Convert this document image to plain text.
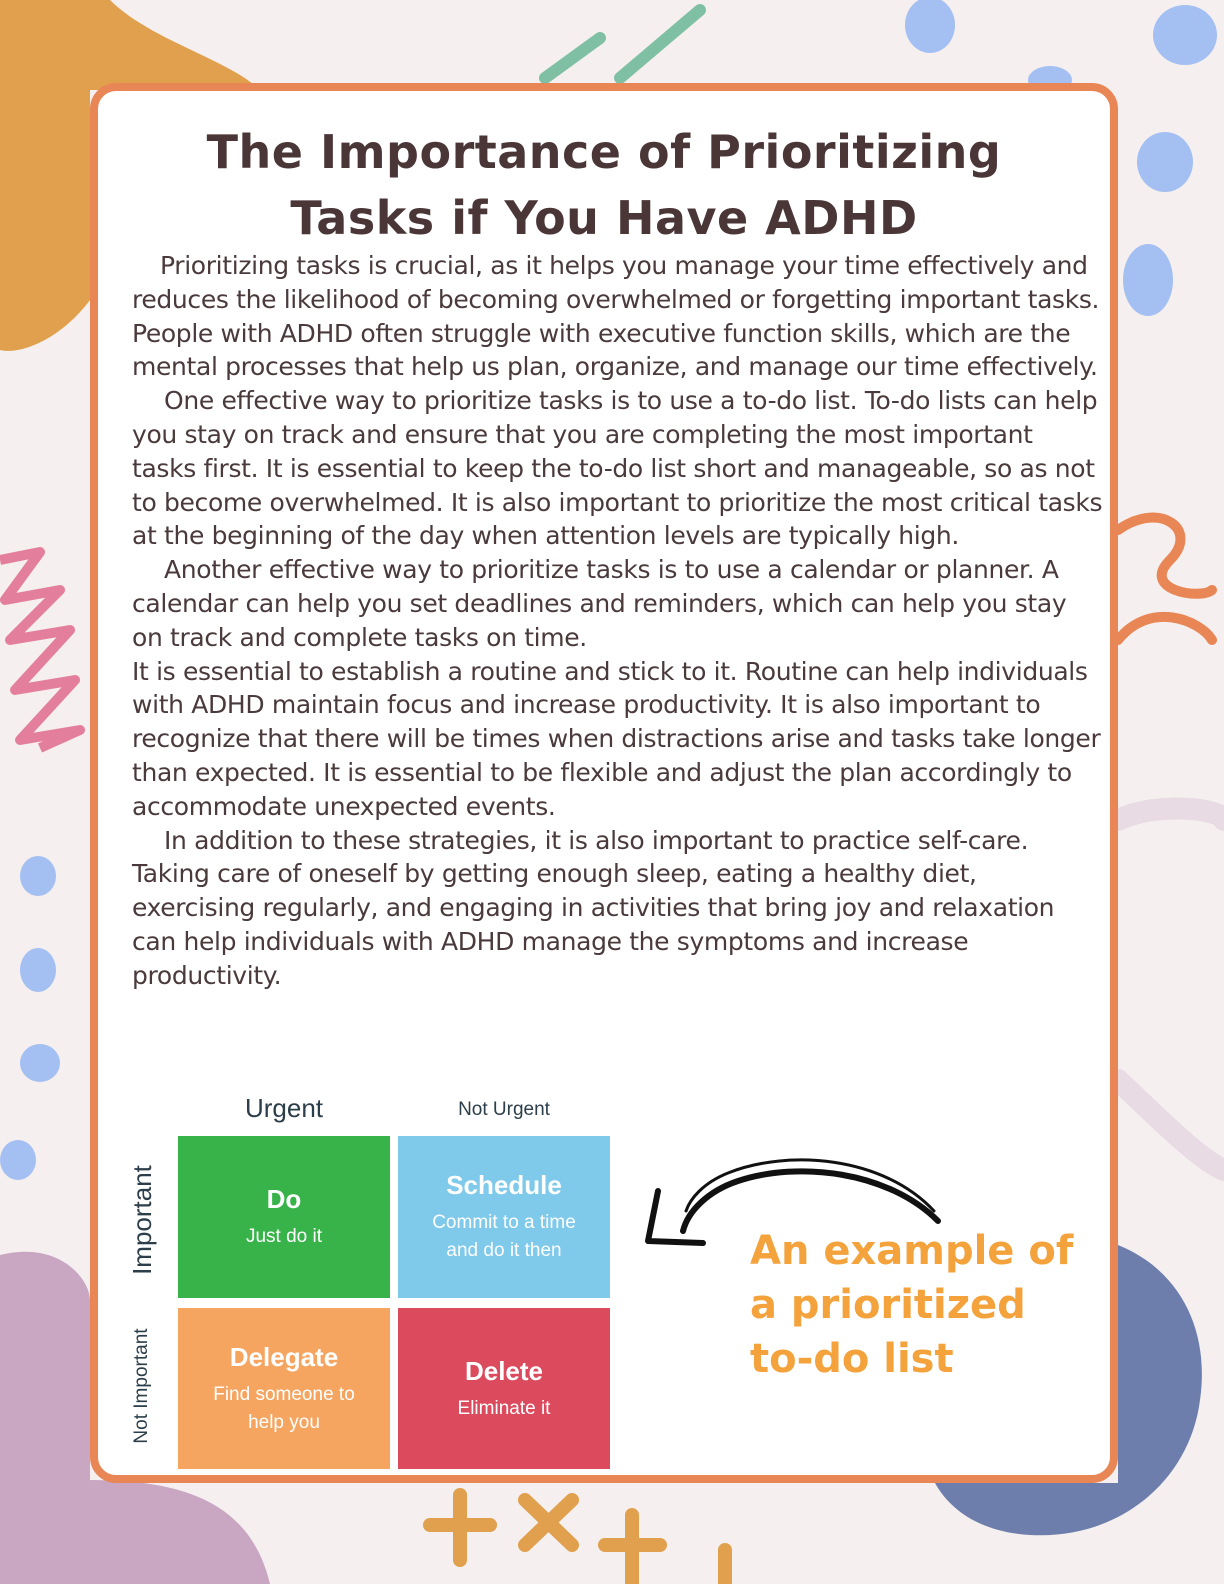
The Importance of Prioritizing
Tasks if You Have ADHD

Prioritizing tasks is crucial, as it helps you manage your time effectively and reduces the likelihood of becoming overwhelmed or forgetting important tasks. People with ADHD often struggle with executive function skills, which are the mental processes that help us plan, organize, and manage our time effectively.

One effective way to prioritize tasks is to use a to-do list. To-do lists can help you stay on track and ensure that you are completing the most important tasks first. It is essential to keep the to-do list short and manageable, so as not to become overwhelmed. It is also important to prioritize the most critical tasks at the beginning of the day when attention levels are typically high.

Another effective way to prioritize tasks is to use a calendar or planner. A calendar can help you set deadlines and reminders, which can help you stay on track and complete tasks on time.

It is essential to establish a routine and stick to it. Routine can help individuals with ADHD maintain focus and increase productivity. It is also important to recognize that there will be times when distractions arise and tasks take longer than expected. It is essential to be flexible and adjust the plan accordingly to accommodate unexpected events.

In addition to these strategies, it is also important to practice self-care. Taking care of oneself by getting enough sleep, eating a healthy diet, exercising regularly, and engaging in activities that bring joy and relaxation can help individuals with ADHD manage the symptoms and increase productivity.

Urgent	Not Urgent
Important
Not Important
Do
Just do it
Schedule
Commit to a time
and do it then
Delegate
Find someone to
help you
Delete
Eliminate it
An example of
a prioritized
to-do list
